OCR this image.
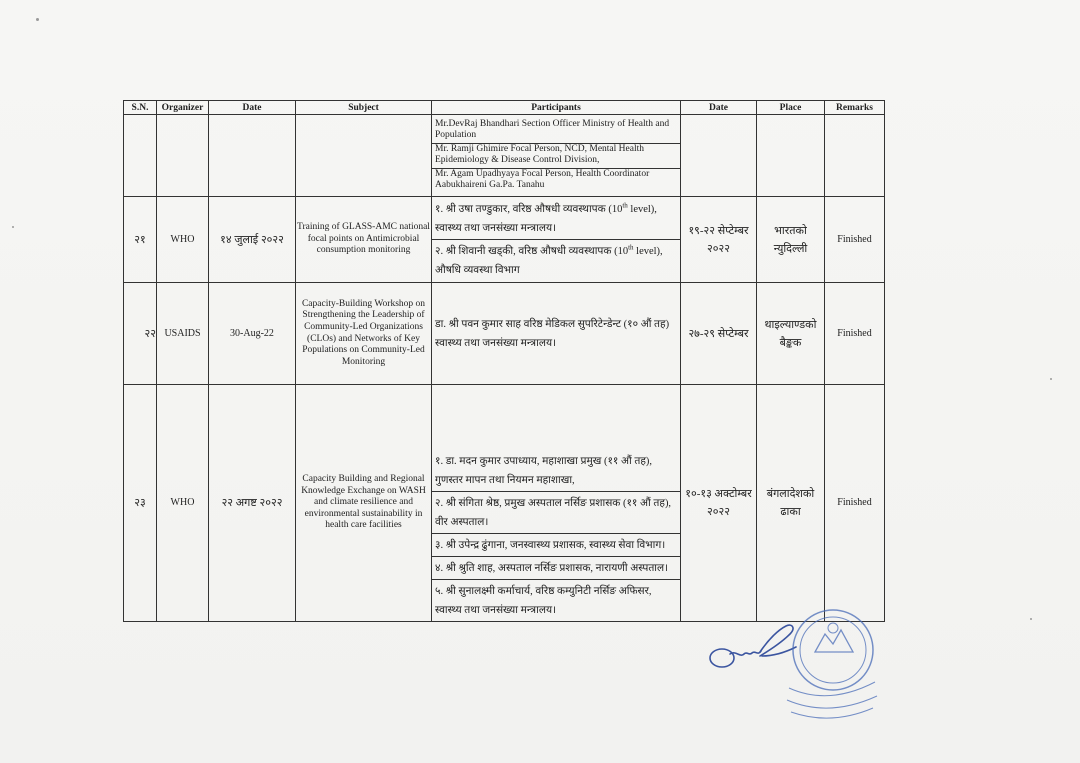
S.N.	Organizer	Date	Subject	Participants	Date	Place	Remarks

				Mr.DevRaj Bhandhari Section Officer Ministry of Health and Population
Mr. Ramji Ghimire Focal Person, NCD, Mental Health Epidemiology & Disease Control Division,
Mr. Agam Upadhyaya Focal Person, Health Coordinator Aabukhaireni Ga.Pa. Tanahu			

२१	WHO	१४ जुलाई २०२२	Training of GLASS-AMC national focal points on Antimicrobial consumption monitoring	१. श्री उषा तण्डुकार, वरिष्ठ औषधी व्यवस्थापक (10th level), स्वास्थ्य तथा जनसंख्या मन्त्रालय।
२. श्री शिवानी खड्की, वरिष्ठ औषधी व्यवस्थापक (10th level), औषधि व्यवस्था विभाग	१९-२२ सेप्टेम्बर २०२२	भारतको न्युदिल्ली	Finished
२२	USAIDS	30-Aug-22	Capacity-Building Workshop on Strengthening the Leadership of Community-Led Organizations (CLOs) and Networks of Key Populations on Community-Led Monitoring	डा. श्री पवन कुमार साह वरिष्ठ मेडिकल सुपरिटेन्डेन्ट (१० औं तह) स्वास्थ्य तथा जनसंख्या मन्त्रालय।	२७-२९ सेप्टेम्बर	थाइल्याण्डको बैङ्कक	Finished
२३	WHO	२२ अगष्ट २०२२	Capacity Building and Regional Knowledge Exchange on WASH and climate resilience and environmental sustainability in health care facilities	१. डा. मदन कुमार उपाध्याय, महाशाखा प्रमुख (११ औं तह), गुणस्तर मापन तथा नियमन महाशाखा,
२. श्री संगिता श्रेष्ठ, प्रमुख अस्पताल नर्सिङ प्रशासक (११ औं तह), वीर अस्पताल।
३. श्री उपेन्द्र ढुंगाना, जनस्वास्थ्य प्रशासक, स्वास्थ्य सेवा विभाग।
४. श्री श्रुति शाह, अस्पताल नर्सिङ प्रशासक, नारायणी अस्पताल।
५. श्री सुनालक्ष्मी कर्माचार्य, वरिष्ठ कम्युनिटी नर्सिङ अफिसर, स्वास्थ्य तथा जनसंख्या मन्त्रालय।	१०-१३ अक्टोम्बर २०२२	बंगलादेशको ढाका	Finished
